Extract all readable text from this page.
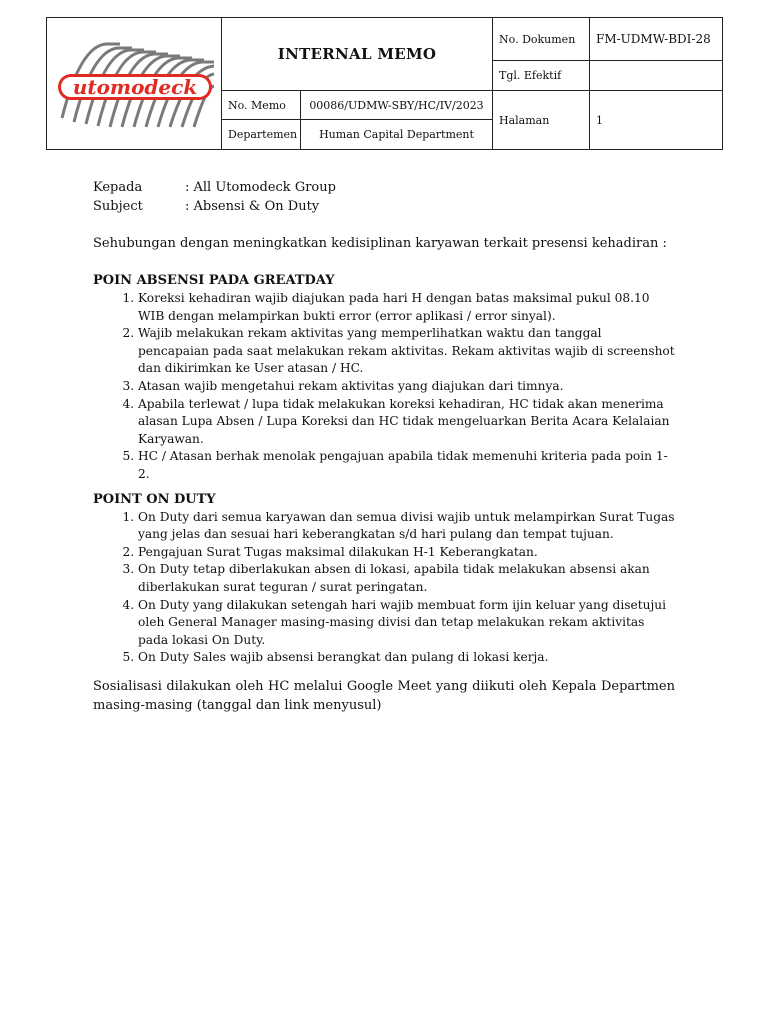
utomodeck	INTERNAL MEMO		No. Dokumen	FM-UDMW-BDI-28
			Tgl. Efektif	
	No. Memo	00086/UDMW-SBY/HC/IV/2023	Halaman	1
	Departemen	Human Capital Department		
Kepada	: All Utomodeck Group
Subject	: Absensi & On Duty

Sehubungan dengan meningkatkan kedisiplinan karyawan terkait presensi kehadiran :

POIN ABSENSI PADA GREATDAY
1. Koreksi kehadiran wajib diajukan pada hari H dengan batas maksimal pukul 08.10 WIB dengan melampirkan bukti error (error aplikasi / error sinyal).
2. Wajib melakukan rekam aktivitas yang memperlihatkan waktu dan tanggal pencapaian pada saat melakukan rekam aktivitas. Rekam aktivitas wajib di screenshot dan dikirimkan ke User atasan / HC.
3. Atasan wajib mengetahui rekam aktivitas yang diajukan dari timnya.
4. Apabila terlewat / lupa tidak melakukan koreksi kehadiran, HC tidak akan menerima alasan Lupa Absen / Lupa Koreksi dan HC tidak mengeluarkan Berita Acara Kelalaian Karyawan.
5. HC / Atasan berhak menolak pengajuan apabila tidak memenuhi kriteria pada poin 1-2.
POINT ON DUTY
1. On Duty dari semua karyawan dan semua divisi wajib untuk melampirkan Surat Tugas yang jelas dan sesuai hari keberangkatan s/d hari pulang dan tempat tujuan.
2. Pengajuan Surat Tugas maksimal dilakukan H-1 Keberangkatan.
3. On Duty tetap diberlakukan absen di lokasi, apabila tidak melakukan absensi akan diberlakukan surat teguran / surat peringatan.
4. On Duty yang dilakukan setengah hari wajib membuat form ijin keluar yang disetujui oleh General Manager masing-masing divisi dan tetap melakukan rekam aktivitas pada lokasi On Duty.
5. On Duty Sales wajib absensi berangkat dan pulang di lokasi kerja.

Sosialisasi dilakukan oleh HC melalui Google Meet yang diikuti oleh Kepala Departmen masing-masing (tanggal dan link menyusul)
